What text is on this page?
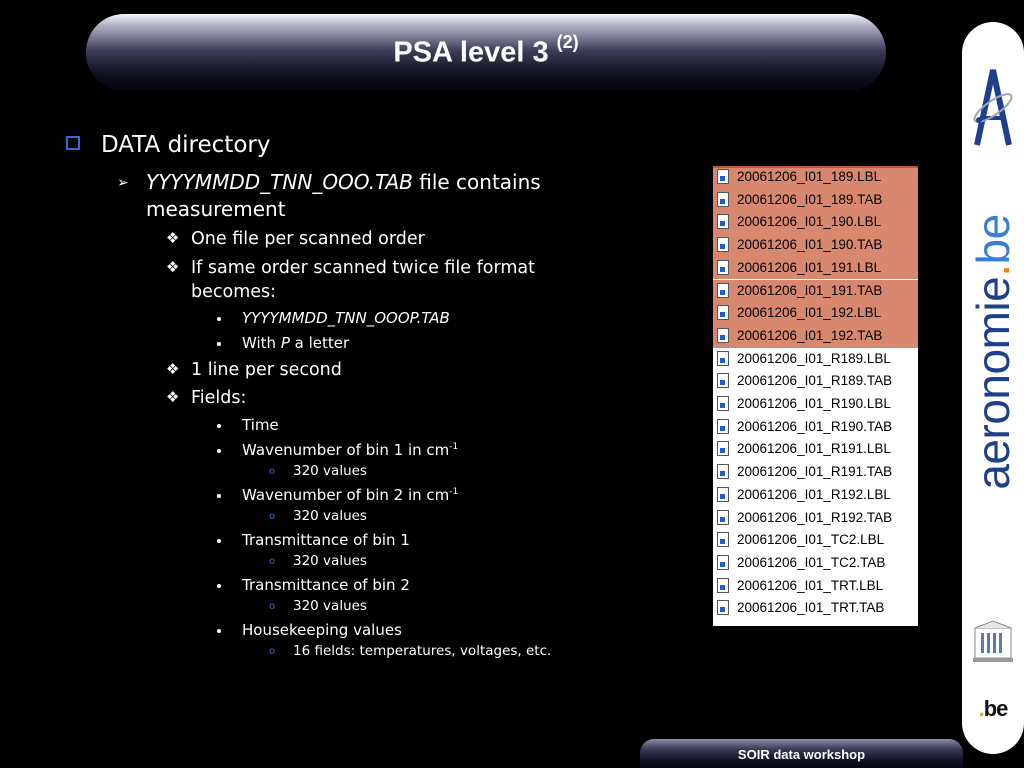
PSA level 3 $^{(2)}$
aeronomie.be
.be
SOIR data workshop
DATA directory
➢ YYYYMMDD_TNN_OOO.TAB file contains
measurement
❖ One file per scanned order
❖ If same order scanned twice file format
becomes:
YYYYMMDD_TNN_OOOP.TAB
With P a letter
❖ 1 line per second
❖ Fields:
Time
Wavenumber of bin 1 in $cm^{-1}$
o 320 values
Wavenumber of bin 2 in $cm^{-1}$
o 320 values
Transmittance of bin 1
o 320 values
Transmittance of bin 2
o 320 values
Housekeeping values
o 16 fields: temperatures, voltages, etc.
20061206_I01_189.LBL
20061206_I01_189.TAB
20061206_I01_190.LBL
20061206_I01_190.TAB
20061206_I01_191.LBL
20061206_I01_191.TAB
20061206_I01_192.LBL
20061206_I01_192.TAB
20061206_I01_R189.LBL
20061206_I01_R189.TAB
20061206_I01_R190.LBL
20061206_I01_R190.TAB
20061206_I01_R191.LBL
20061206_I01_R191.TAB
20061206_I01_R192.LBL
20061206_I01_R192.TAB
20061206_I01_TC2.LBL
20061206_I01_TC2.TAB
20061206_I01_TRT.LBL
20061206_I01_TRT.TAB
